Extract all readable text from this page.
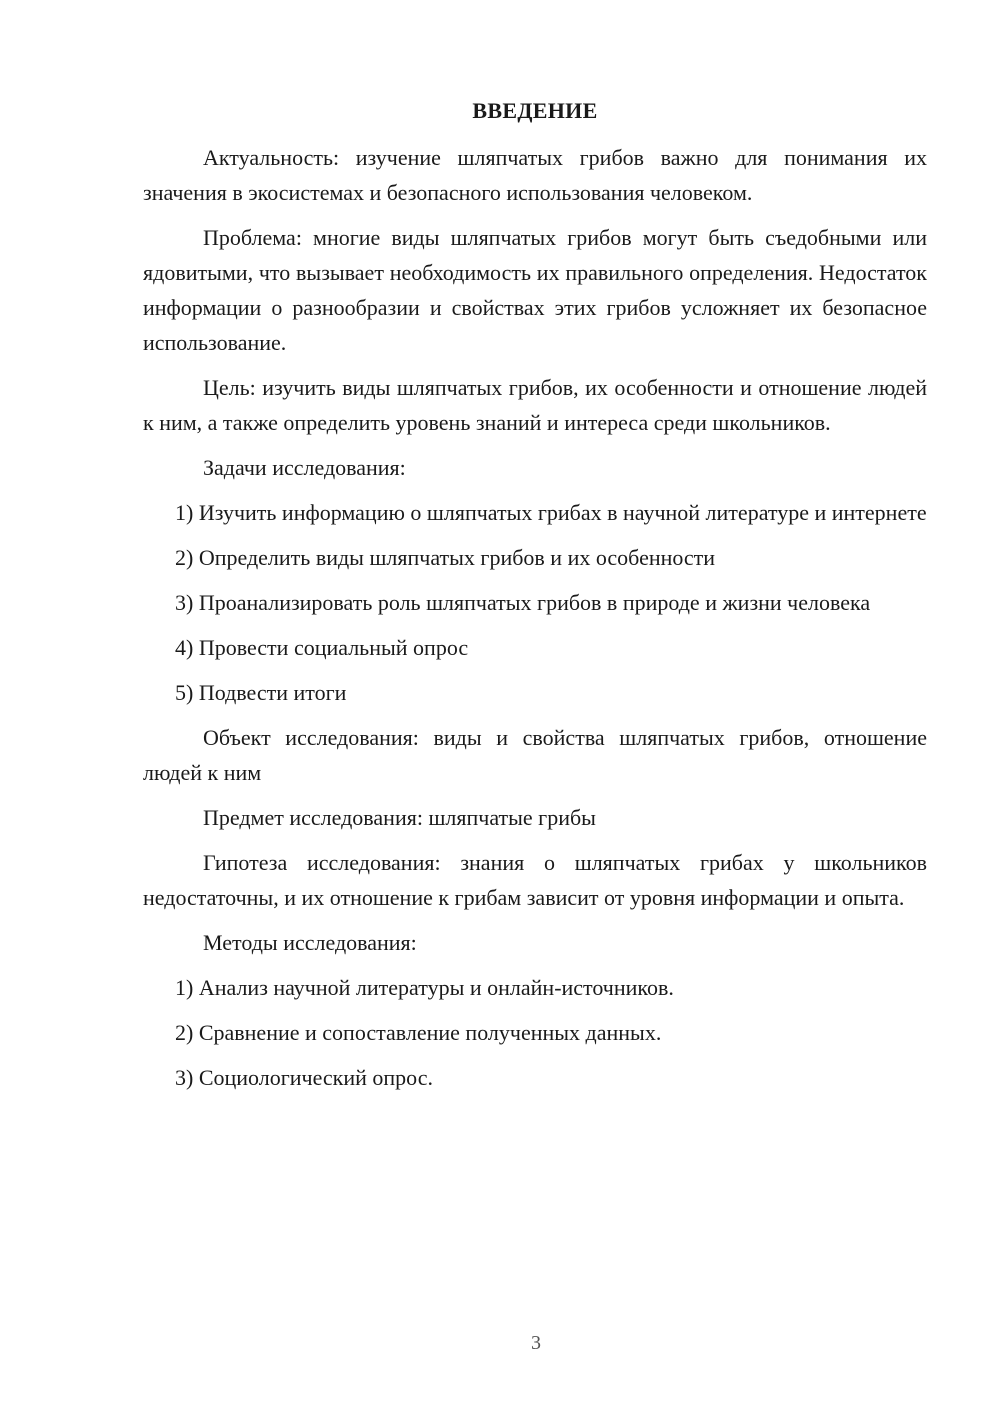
ВВЕДЕНИЕ

Актуальность: изучение шляпчатых грибов важно для понимания их значения в экосистемах и безопасного использования человеком.

Проблема: многие виды шляпчатых грибов могут быть съедобными или ядовитыми, что вызывает необходимость их правильного определения. Недостаток информации о разнообразии и свойствах этих грибов усложняет их безопасное использование.

Цель: изучить виды шляпчатых грибов, их особенности и отношение людей к ним, а также определить уровень знаний и интереса среди школьников.

Задачи исследования:

1) Изучить информацию о шляпчатых грибах в научной литературе и интернете

2) Определить виды шляпчатых грибов и их особенности

3) Проанализировать роль шляпчатых грибов в природе и жизни человека

4) Провести социальный опрос

5) Подвести итоги

Объект исследования: виды и свойства шляпчатых грибов, отношение людей к ним

Предмет исследования: шляпчатые грибы

Гипотеза исследования: знания о шляпчатых грибах у школьников недостаточны, и их отношение к грибам зависит от уровня информации и опыта.

Методы исследования:

1) Анализ научной литературы и онлайн-источников.

2) Сравнение и сопоставление полученных данных.

3) Социологический опрос.

3
